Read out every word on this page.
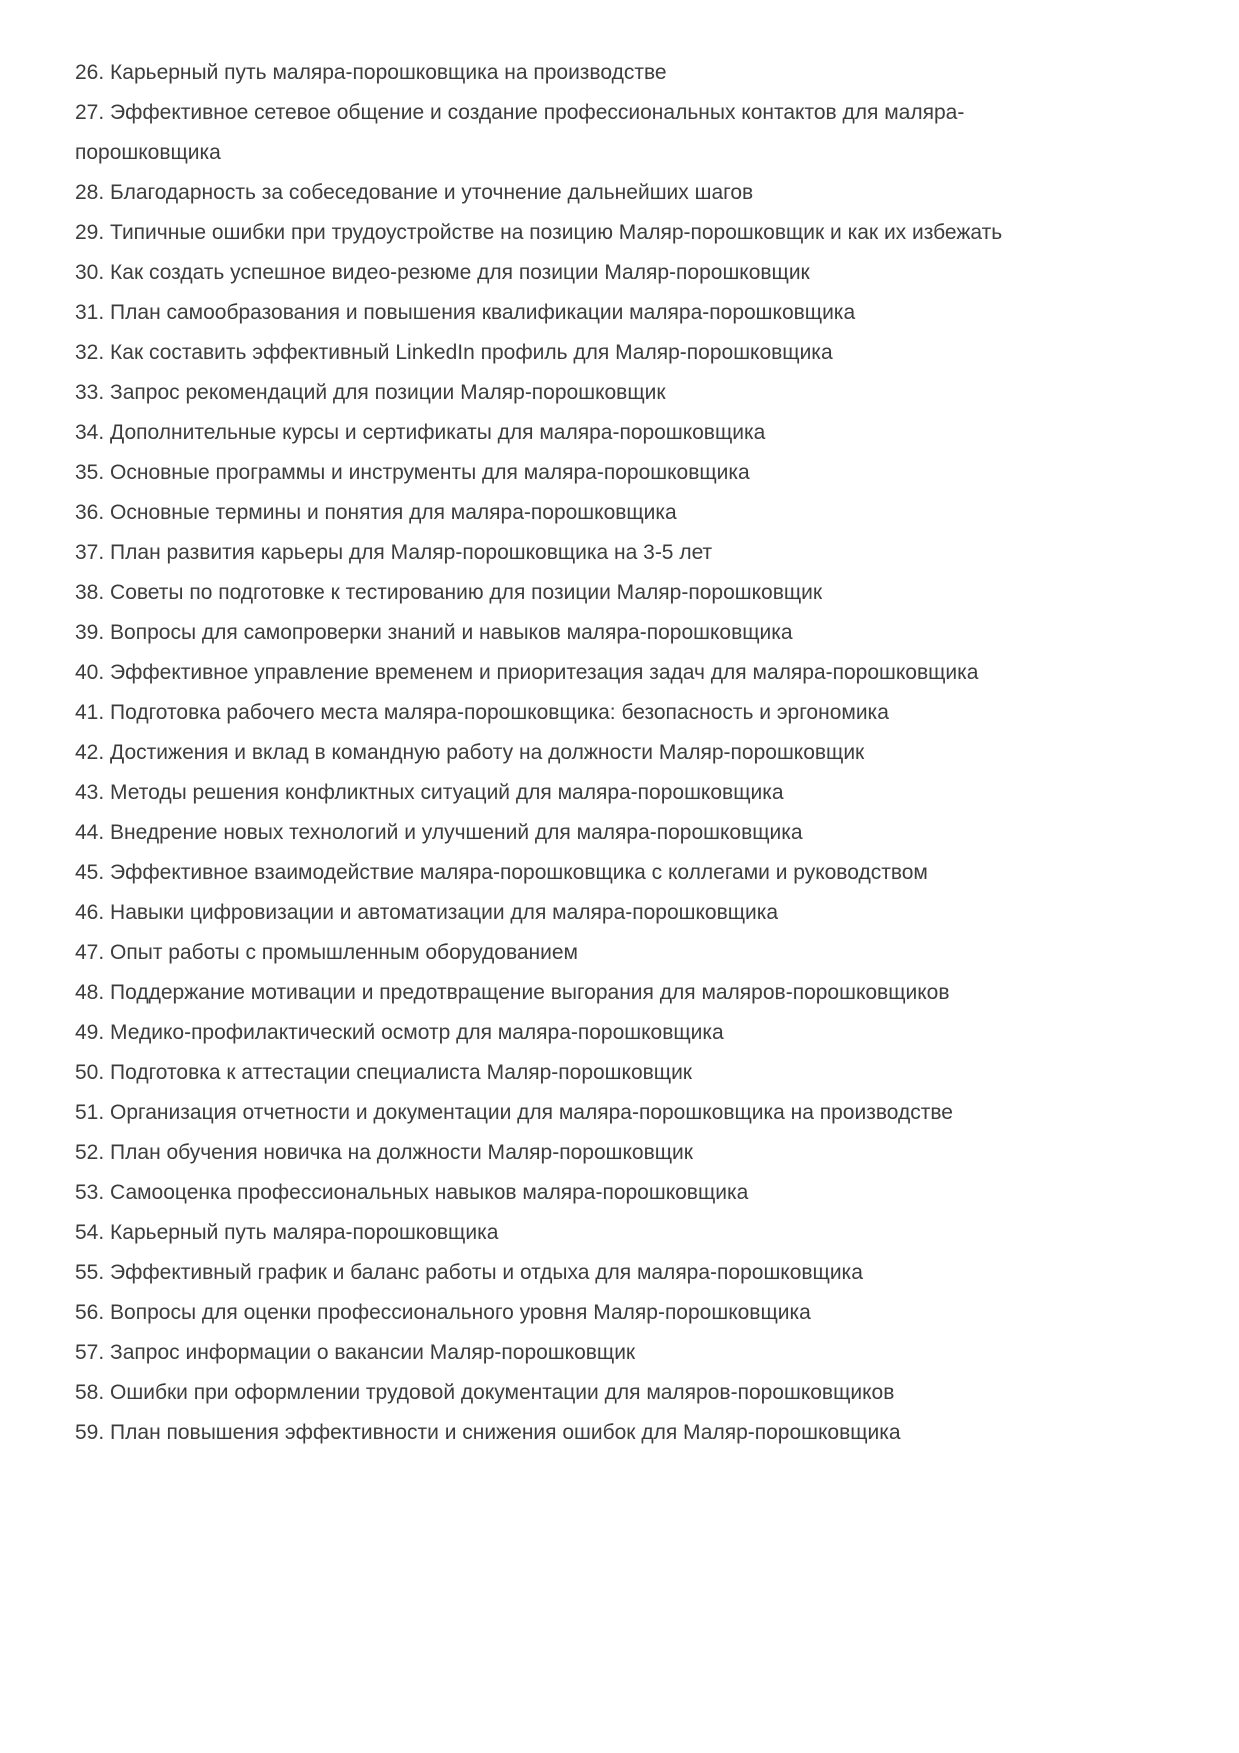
26. Карьерный путь маляра-порошковщика на производстве
27. Эффективное сетевое общение и создание профессиональных контактов для маляра-порошковщика
28. Благодарность за собеседование и уточнение дальнейших шагов
29. Типичные ошибки при трудоустройстве на позицию Маляр-порошковщик и как их избежать
30. Как создать успешное видео-резюме для позиции Маляр-порошковщик
31. План самообразования и повышения квалификации маляра-порошковщика
32. Как составить эффективный LinkedIn профиль для Маляр-порошковщика
33. Запрос рекомендаций для позиции Маляр-порошковщик
34. Дополнительные курсы и сертификаты для маляра-порошковщика
35. Основные программы и инструменты для маляра-порошковщика
36. Основные термины и понятия для маляра-порошковщика
37. План развития карьеры для Маляр-порошковщика на 3-5 лет
38. Советы по подготовке к тестированию для позиции Маляр-порошковщик
39. Вопросы для самопроверки знаний и навыков маляра-порошковщика
40. Эффективное управление временем и приоритезация задач для маляра-порошковщика
41. Подготовка рабочего места маляра-порошковщика: безопасность и эргономика
42. Достижения и вклад в командную работу на должности Маляр-порошковщик
43. Методы решения конфликтных ситуаций для маляра-порошковщика
44. Внедрение новых технологий и улучшений для маляра-порошковщика
45. Эффективное взаимодействие маляра-порошковщика с коллегами и руководством
46. Навыки цифровизации и автоматизации для маляра-порошковщика
47. Опыт работы с промышленным оборудованием
48. Поддержание мотивации и предотвращение выгорания для маляров-порошковщиков
49. Медико-профилактический осмотр для маляра-порошковщика
50. Подготовка к аттестации специалиста Маляр-порошковщик
51. Организация отчетности и документации для маляра-порошковщика на производстве
52. План обучения новичка на должности Маляр-порошковщик
53. Самооценка профессиональных навыков маляра-порошковщика
54. Карьерный путь маляра-порошковщика
55. Эффективный график и баланс работы и отдыха для маляра-порошковщика
56. Вопросы для оценки профессионального уровня Маляр-порошковщика
57. Запрос информации о вакансии Маляр-порошковщик
58. Ошибки при оформлении трудовой документации для маляров-порошковщиков
59. План повышения эффективности и снижения ошибок для Маляр-порошковщика
